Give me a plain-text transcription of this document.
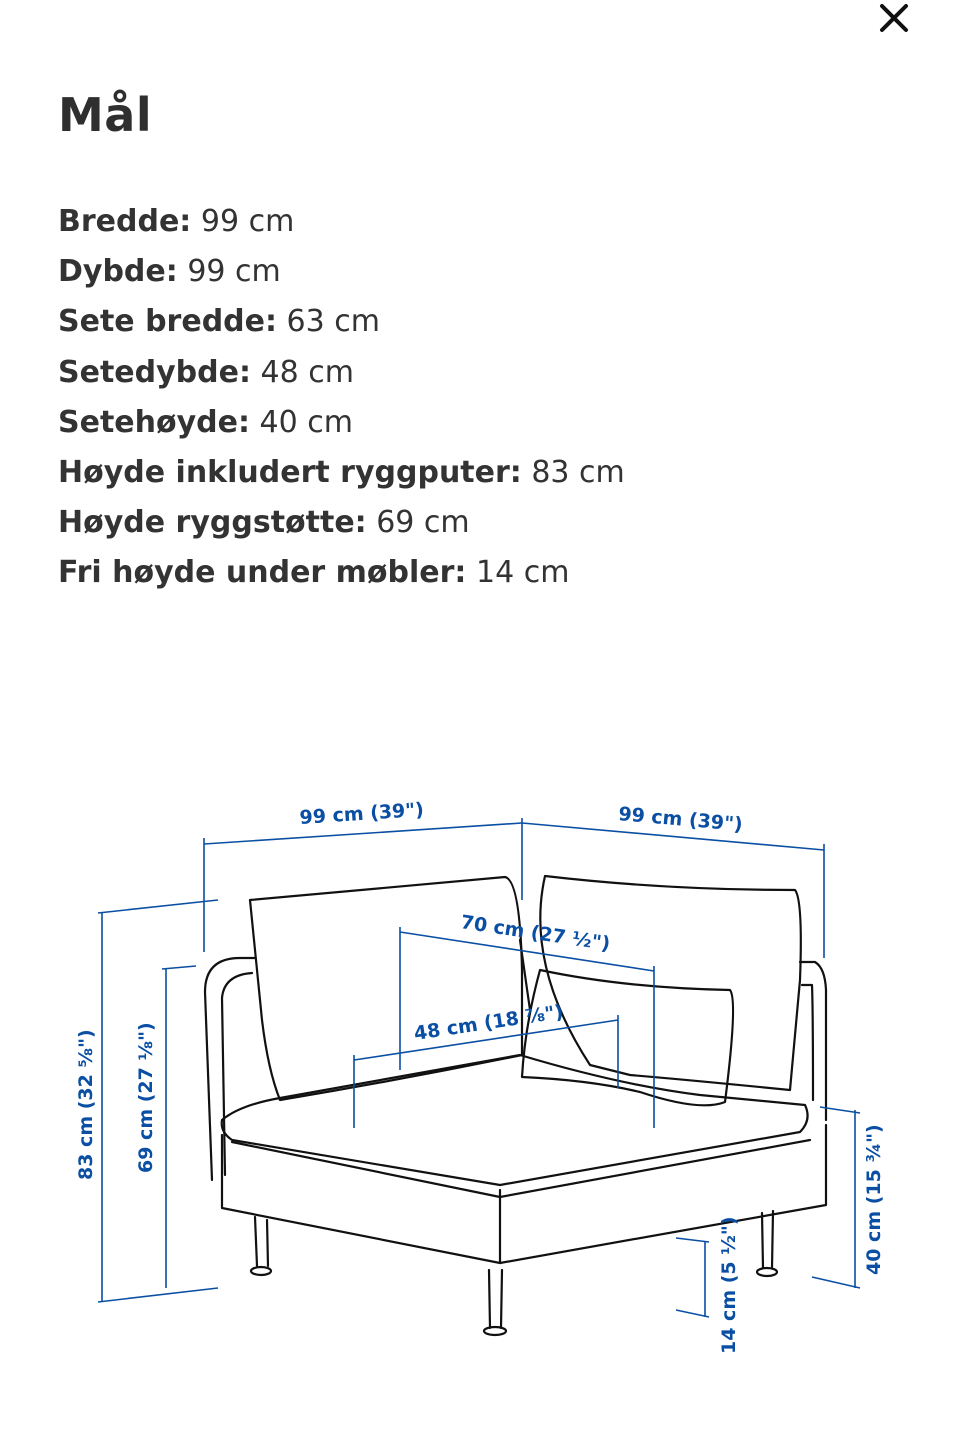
Mål
Bredde: 99 cm
Dybde: 99 cm
Sete bredde: 63 cm
Setedybde: 48 cm
Setehøyde: 40 cm
Høyde inkludert ryggputer: 83 cm
Høyde ryggstøtte: 69 cm
Fri høyde under møbler: 14 cm
99 cm (39")	99 cm (39")
70 cm (27 ½")
48 cm (18 ⅞")
83 cm (32 ⅝") 69 cm (27 ⅛")
40 cm (15 ¾")
14 cm (5 ½")
